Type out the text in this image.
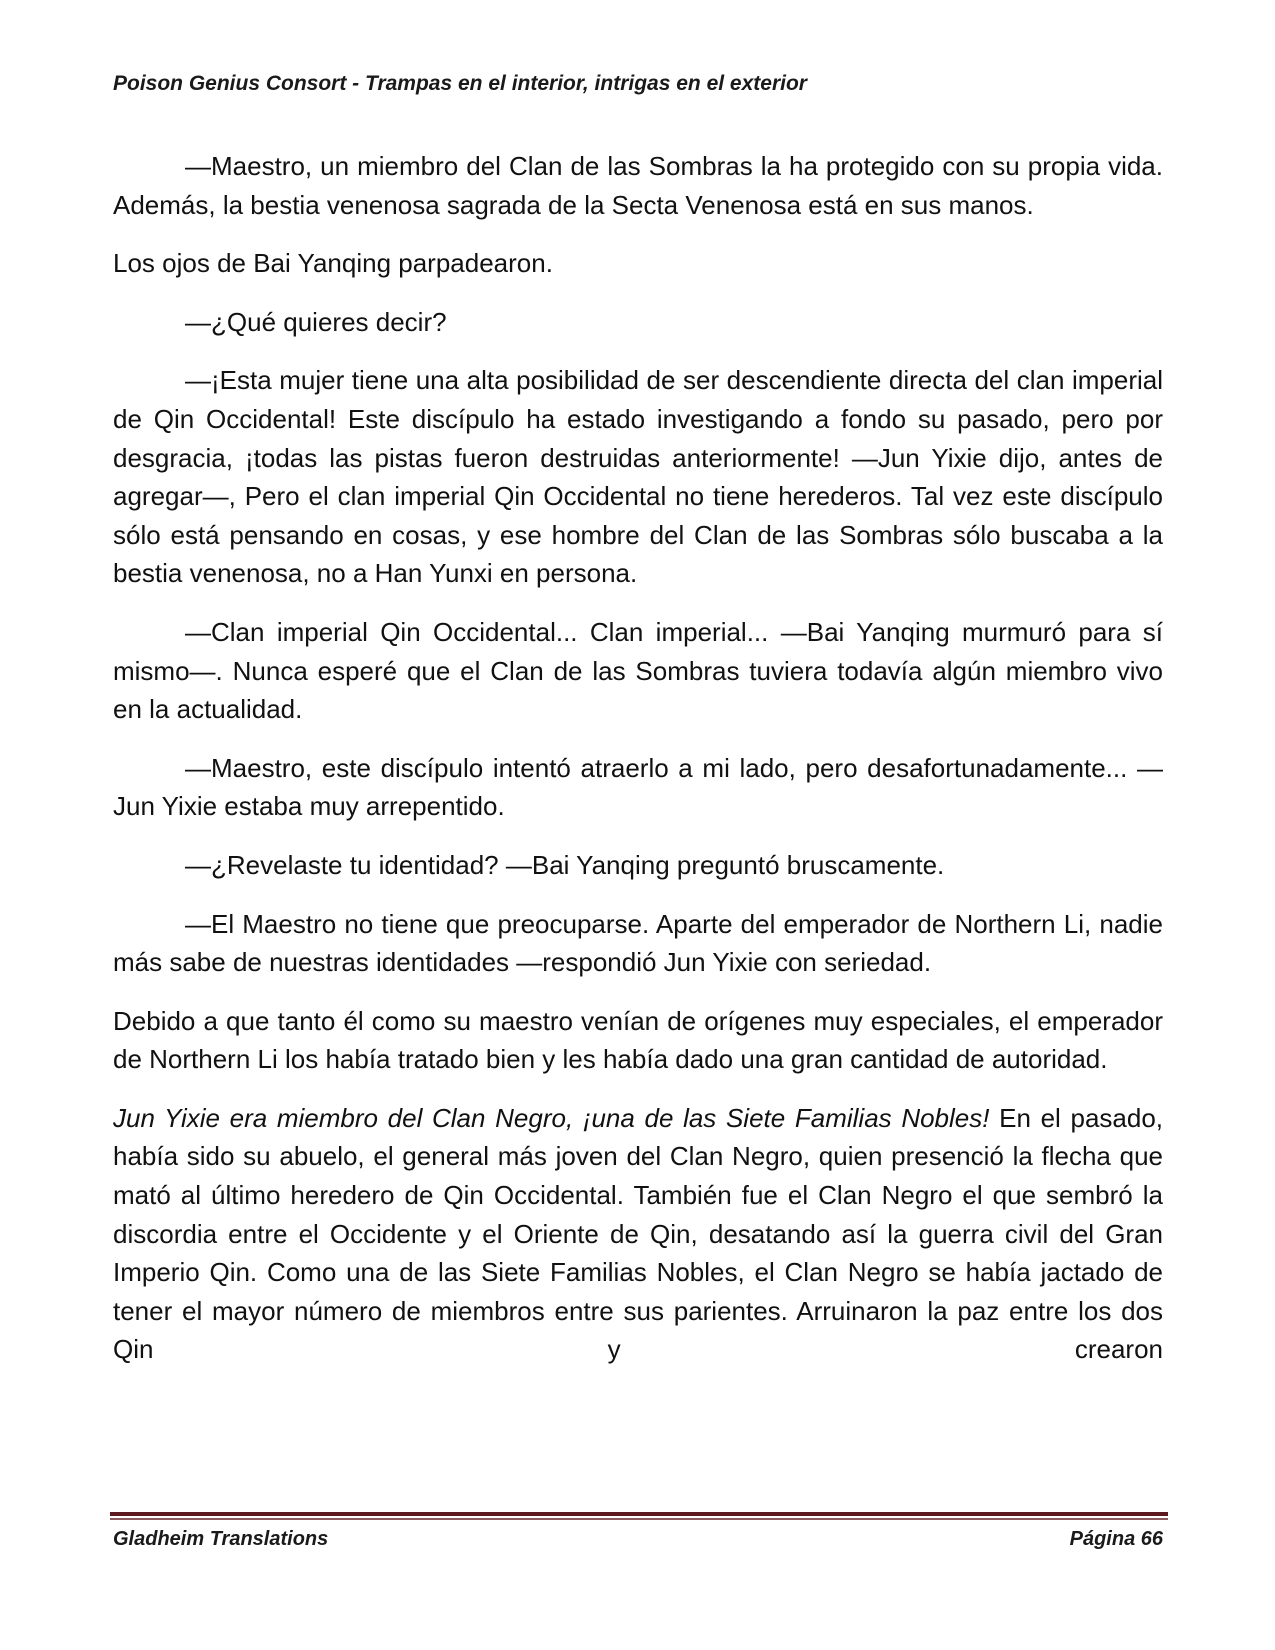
Poison Genius Consort - Trampas en el interior, intrigas en el exterior

—Maestro, un miembro del Clan de las Sombras la ha protegido con su propia vida. Además, la bestia venenosa sagrada de la Secta Venenosa está en sus manos.

Los ojos de Bai Yanqing parpadearon.

—¿Qué quieres decir?

—¡Esta mujer tiene una alta posibilidad de ser descendiente directa del clan imperial de Qin Occidental! Este discípulo ha estado investigando a fondo su pasado, pero por desgracia, ¡todas las pistas fueron destruidas anteriormente! —Jun Yixie dijo, antes de agregar—, Pero el clan imperial Qin Occidental no tiene herederos. Tal vez este discípulo sólo está pensando en cosas, y ese hombre del Clan de las Sombras sólo buscaba a la bestia venenosa, no a Han Yunxi en persona.

—Clan imperial Qin Occidental... Clan imperial... —Bai Yanqing murmuró para sí mismo—. Nunca esperé que el Clan de las Sombras tuviera todavía algún miembro vivo en la actualidad.

—Maestro, este discípulo intentó atraerlo a mi lado, pero desafortunadamente... —Jun Yixie estaba muy arrepentido.

—¿Revelaste tu identidad? —Bai Yanqing preguntó bruscamente.

—El Maestro no tiene que preocuparse. Aparte del emperador de Northern Li, nadie más sabe de nuestras identidades —respondió Jun Yixie con seriedad.

Debido a que tanto él como su maestro venían de orígenes muy especiales, el emperador de Northern Li los había tratado bien y les había dado una gran cantidad de autoridad.

Jun Yixie era miembro del Clan Negro, ¡una de las Siete Familias Nobles! En el pasado, había sido su abuelo, el general más joven del Clan Negro, quien presenció la flecha que mató al último heredero de Qin Occidental. También fue el Clan Negro el que sembró la discordia entre el Occidente y el Oriente de Qin, desatando así la guerra civil del Gran Imperio Qin. Como una de las Siete Familias Nobles, el Clan Negro se había jactado de tener el mayor número de miembros entre sus parientes. Arruinaron la paz entre los dos Qin y crearon

Gladheim Translations	Página 66
